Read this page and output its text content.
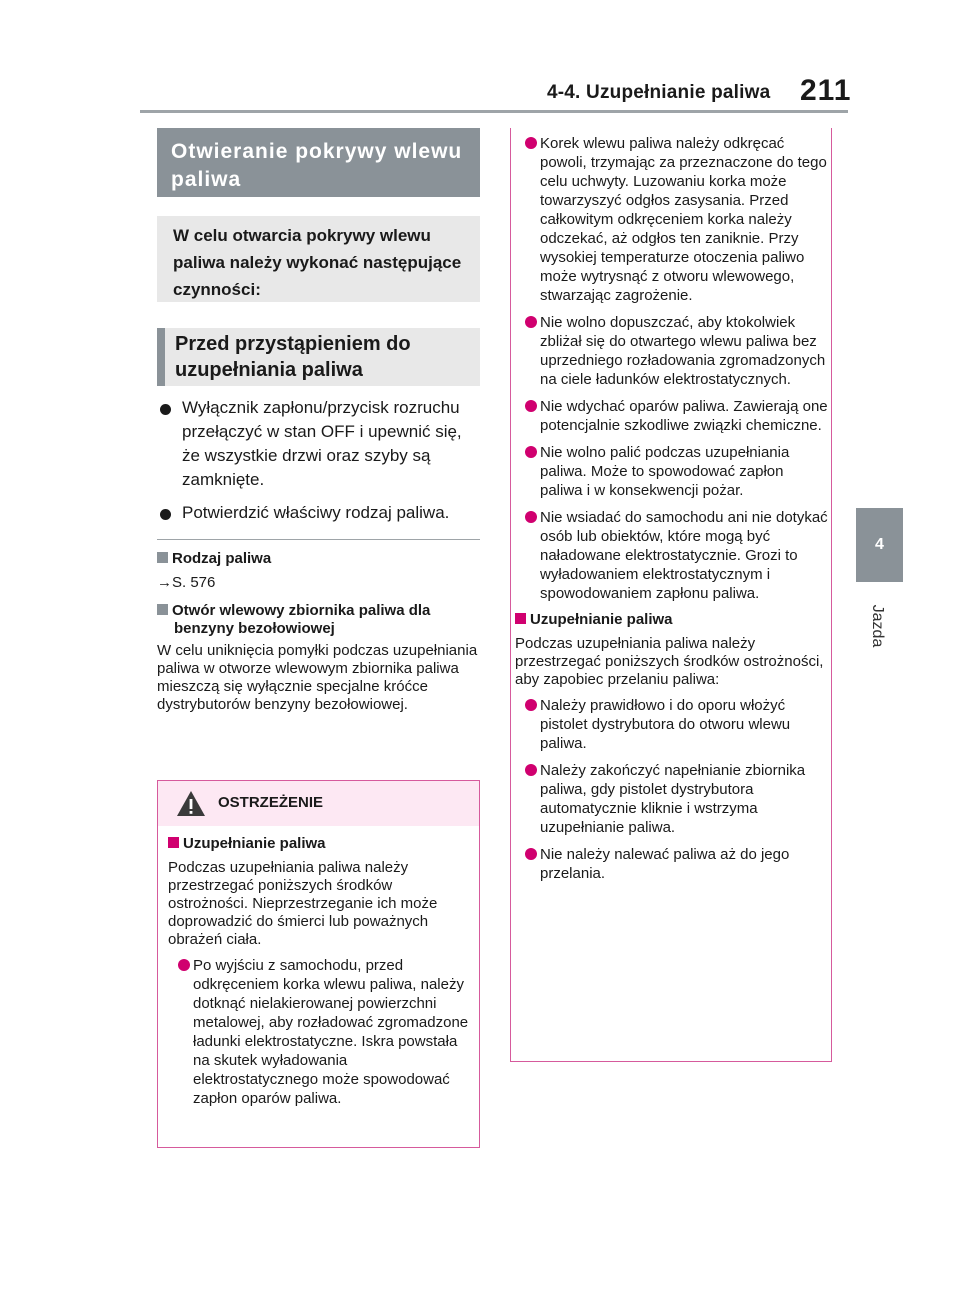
4-4. Uzupełnianie paliwa 211
4
Jazda
Otwieranie pokrywy wlewu paliwa
W celu otwarcia pokrywy wlewu paliwa należy wykonać następujące czynności:
Przed przystąpieniem do uzupełniania paliwa
Wyłącznik zapłonu/przycisk rozruchu przełączyć w stan OFF i upewnić się, że wszystkie drzwi oraz szyby są zamknięte.
Potwierdzić właściwy rodzaj paliwa.
Rodzaj paliwa
→S. 576
Otwór wlewowy zbiornika paliwa dla benzyny bezołowiowej
W celu uniknięcia pomyłki podczas uzupełniania paliwa w otworze wlewowym zbiornika paliwa mieszczą się wyłącznie specjalne króćce dystrybutorów benzyny bezołowiowej.
OSTRZEŻENIE
Uzupełnianie paliwa
Podczas uzupełniania paliwa należy przestrzegać poniższych środków ostrożności. Nieprzestrzeganie ich może doprowadzić do śmierci lub poważnych obrażeń ciała.
Po wyjściu z samochodu, przed odkręceniem korka wlewu paliwa, należy dotknąć nielakierowanej powierzchni metalowej, aby rozładować zgromadzone ładunki elektrostatyczne. Iskra powstała na skutek wyładowania elektrostatycznego może spowodować zapłon oparów paliwa.
Korek wlewu paliwa należy odkręcać powoli, trzymając za przeznaczone do tego celu uchwyty. Luzowaniu korka może towarzyszyć odgłos zasysania. Przed całkowitym odkręceniem korka należy odczekać, aż odgłos ten zaniknie. Przy wysokiej temperaturze otoczenia paliwo może wytrysnąć z otworu wlewowego, stwarzając zagrożenie.
Nie wolno dopuszczać, aby ktokolwiek zbliżał się do otwartego wlewu paliwa bez uprzedniego rozładowania zgromadzonych na ciele ładunków elektrostatycznych.
Nie wdychać oparów paliwa. Zawierają one potencjalnie szkodliwe związki chemiczne.
Nie wolno palić podczas uzupełniania paliwa. Może to spowodować zapłon paliwa i w konsekwencji pożar.
Nie wsiadać do samochodu ani nie dotykać osób lub obiektów, które mogą być naładowane elektrostatycznie. Grozi to wyładowaniem elektrostatycznym i spowodowaniem zapłonu paliwa.
Uzupełnianie paliwa
Podczas uzupełniania paliwa należy przestrzegać poniższych środków ostrożności, aby zapobiec przelaniu paliwa:
Należy prawidłowo i do oporu włożyć pistolet dystrybutora do otworu wlewu paliwa.
Należy zakończyć napełnianie zbiornika paliwa, gdy pistolet dystrybutora automatycznie kliknie i wstrzyma uzupełnianie paliwa.
Nie należy nalewać paliwa aż do jego przelania.
